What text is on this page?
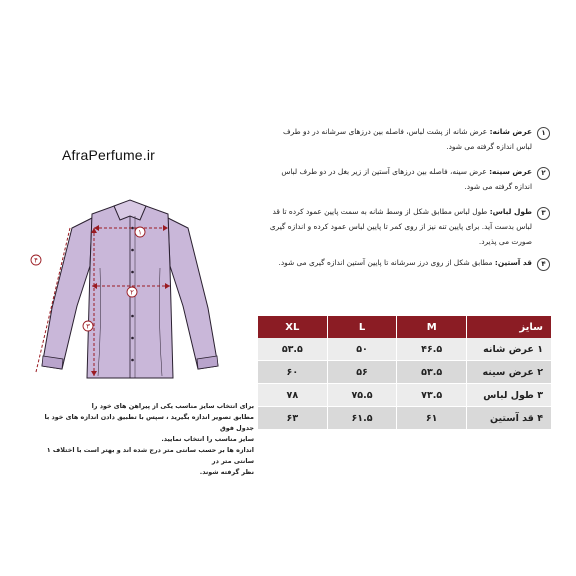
AfraPerfume.ir
۱
۲
۳
۴
۱
عرض شانه: عرض شانه از پشت لباس، فاصله بین درزهای سرشانه در دو طرف لباس اندازه گرفته می شود.
۲
عرض سینه: عرض سینه، فاصله بین درزهای آستین از زیر بغل در دو طرف لباس اندازه گرفته می شود.
۳
طول لباس: طول لباس مطابق شکل از وسط شانه به سمت پایین عمود کرده تا قد لباس بدست آید. برای پایین تنه نیز از روی کمر تا پایین لباس عمود کرده و اندازه گیری صورت می پذیرد.
۴
قد آستین: مطابق شکل از روی درز سرشانه تا پایین آستین اندازه گیری می شود.
سایز	M	L	XL
۱ عرض شانه	۴۶.۵	۵۰	۵۳.۵
۲ عرض سینه	۵۳.۵	۵۶	۶۰
۳ طول لباس	۷۳.۵	۷۵.۵	۷۸
۴ قد آستین	۶۱	۶۱.۵	۶۳

برای انتخاب سایز مناسب یکی از پیراهن های خود را

مطابق تصویر اندازه بگیرید ، سپس با تطبیق دادن اندازه های خود با جدول فوق

سایز مناسب را انتخاب نمایید.

اندازه ها بر حسب سانتی متر درج شده اند و بهتر است با اختلاف ۱ سانتی متر در

نظر گرفته شوند.
